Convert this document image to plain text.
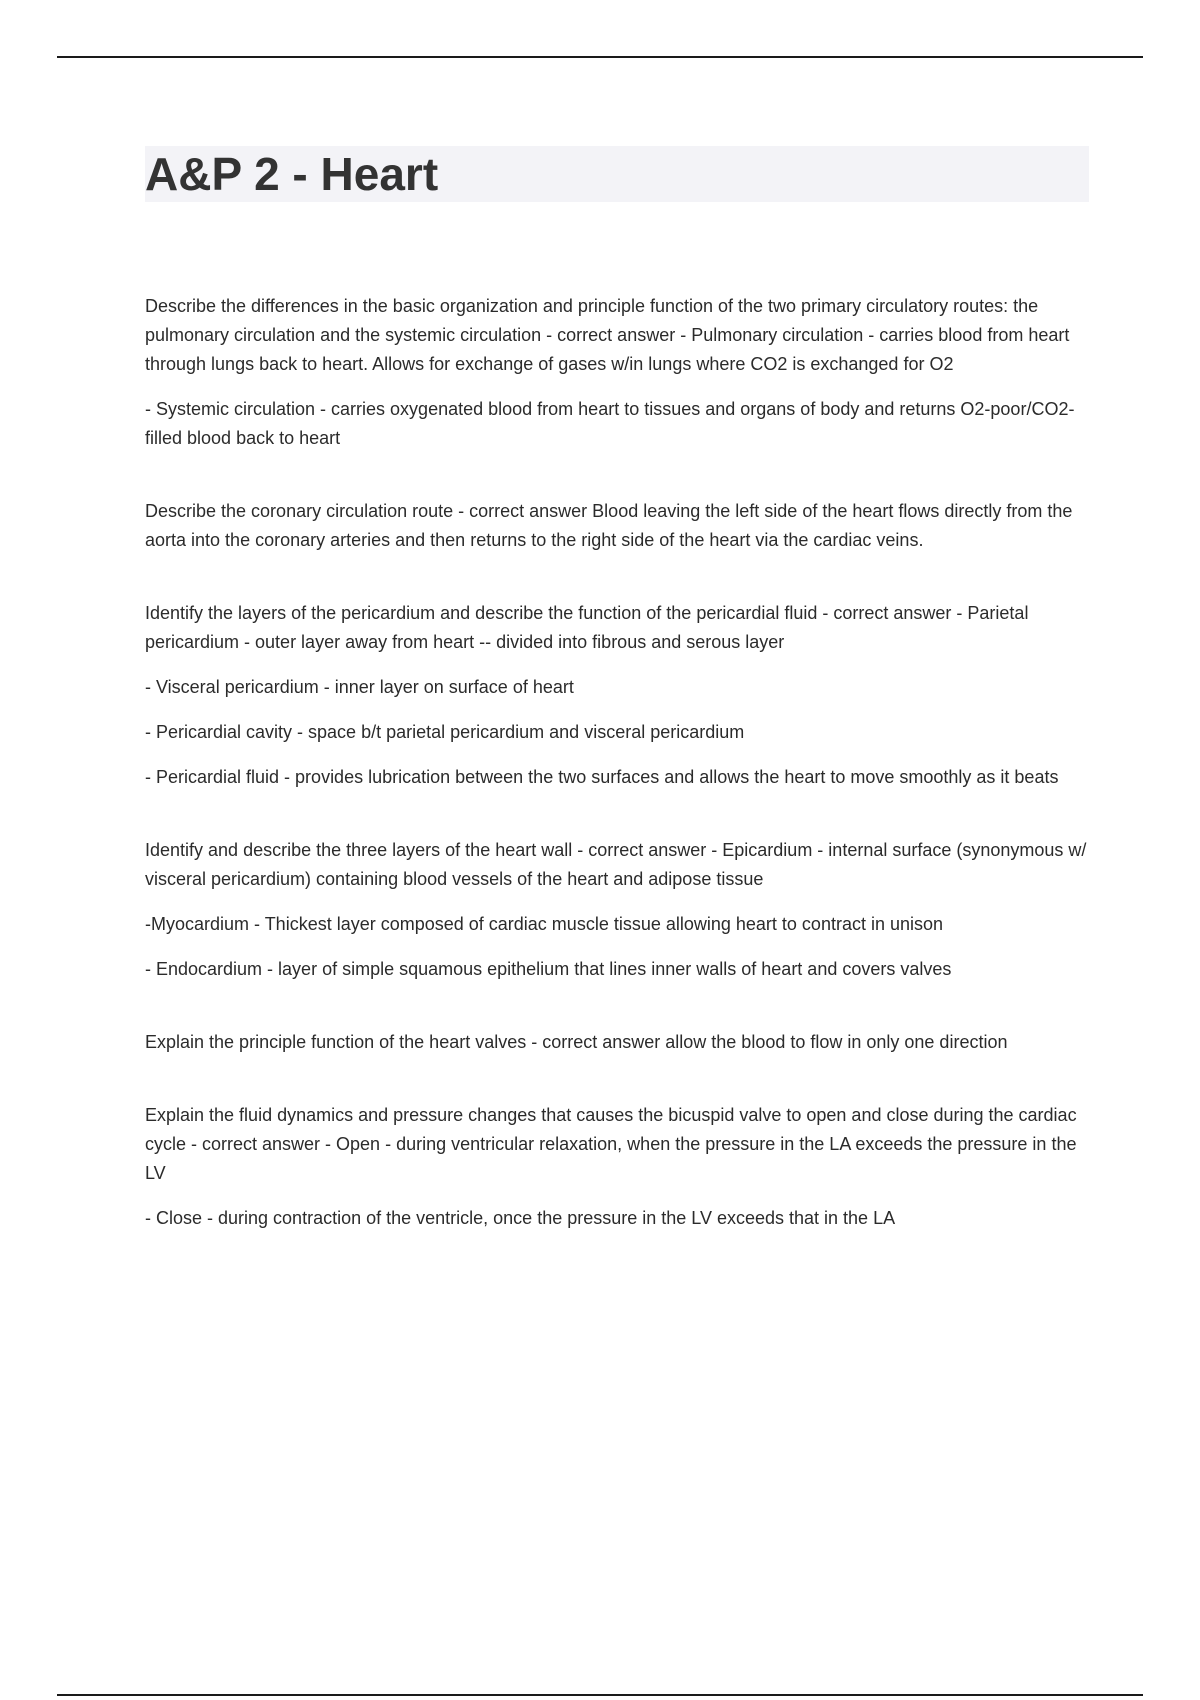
A&P 2 - Heart

Describe the differences in the basic organization and principle function of the two primary circulatory routes: the pulmonary circulation and the systemic circulation - correct answer - Pulmonary circulation - carries blood from heart through lungs back to heart. Allows for exchange of gases w/in lungs where CO2 is exchanged for O2

- Systemic circulation - carries oxygenated blood from heart to tissues and organs of body and returns O2-poor/CO2-filled blood back to heart

Describe the coronary circulation route - correct answer Blood leaving the left side of the heart flows directly from the aorta into the coronary arteries and then returns to the right side of the heart via the cardiac veins.

Identify the layers of the pericardium and describe the function of the pericardial fluid - correct answer - Parietal pericardium - outer layer away from heart -- divided into fibrous and serous layer

- Visceral pericardium - inner layer on surface of heart

- Pericardial cavity - space b/t parietal pericardium and visceral pericardium

- Pericardial fluid - provides lubrication between the two surfaces and allows the heart to move smoothly as it beats

Identify and describe the three layers of the heart wall - correct answer - Epicardium - internal surface (synonymous w/ visceral pericardium) containing blood vessels of the heart and adipose tissue

-Myocardium - Thickest layer composed of cardiac muscle tissue allowing heart to contract in unison

- Endocardium - layer of simple squamous epithelium that lines inner walls of heart and covers valves

Explain the principle function of the heart valves - correct answer allow the blood to flow in only one direction

Explain the fluid dynamics and pressure changes that causes the bicuspid valve to open and close during the cardiac cycle - correct answer - Open - during ventricular relaxation, when the pressure in the LA exceeds the pressure in the LV

- Close - during contraction of the ventricle, once the pressure in the LV exceeds that in the LA
